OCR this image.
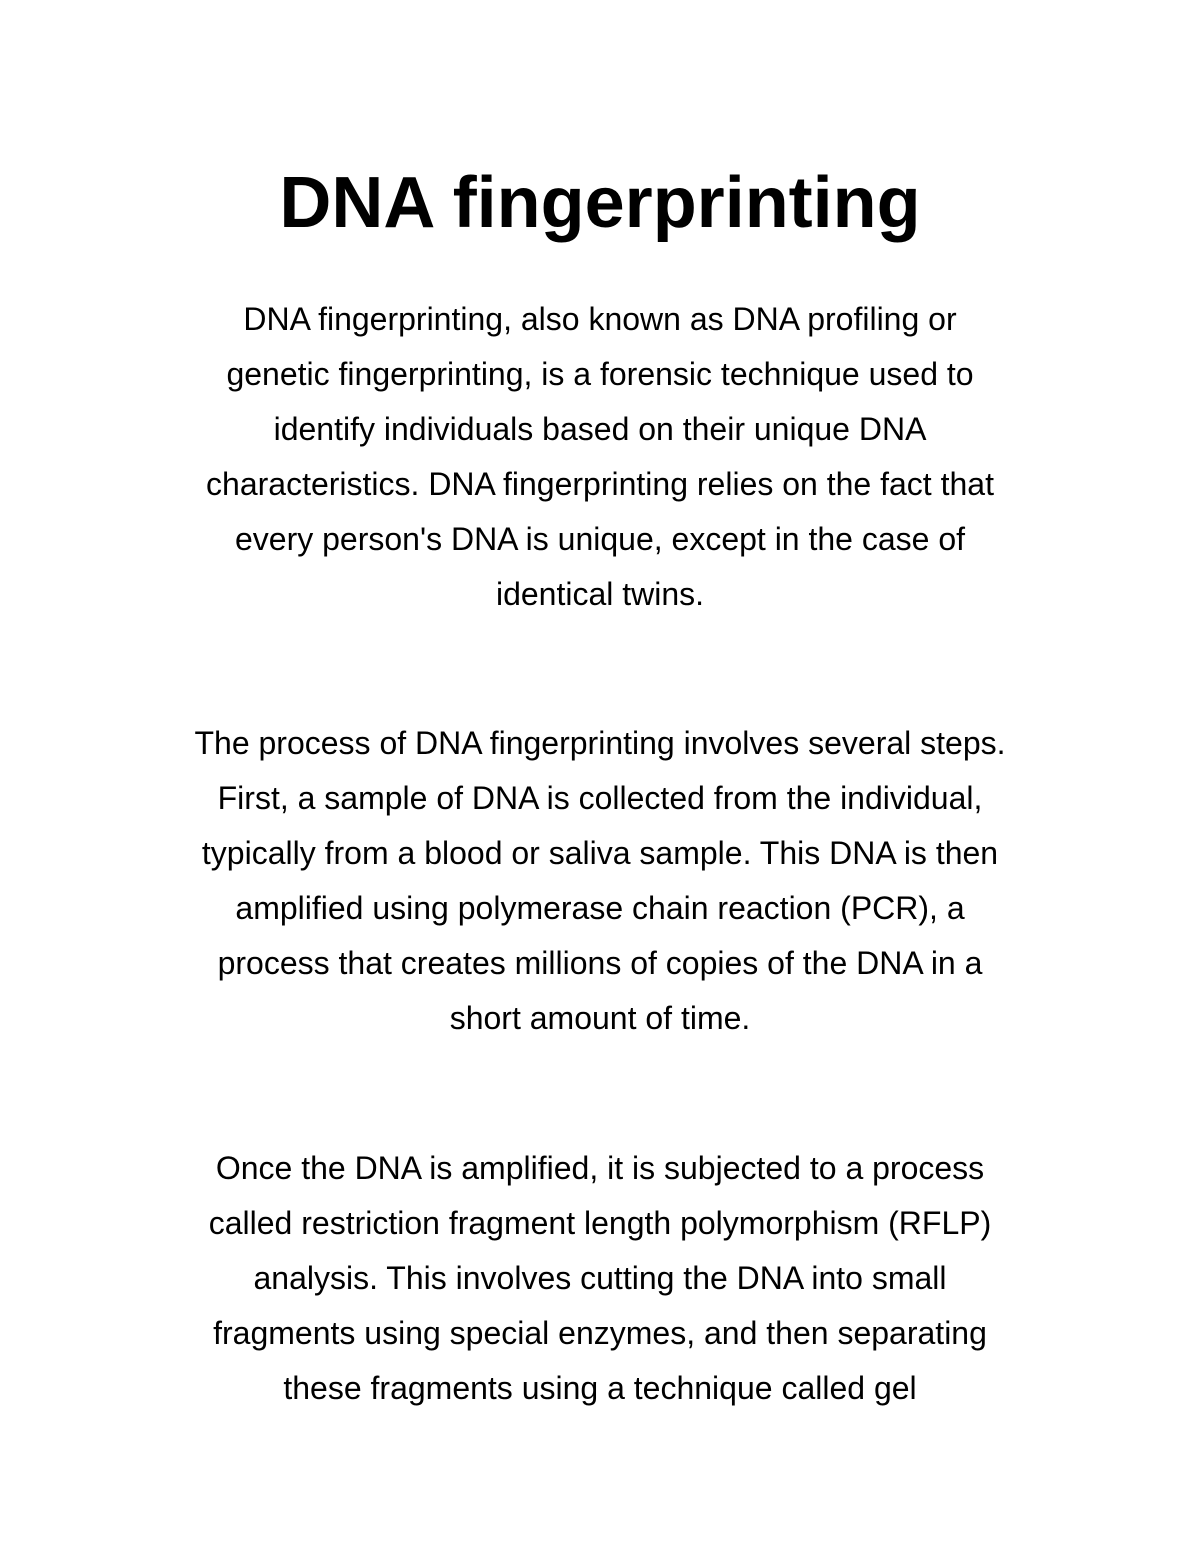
DNA fingerprinting
DNA fingerprinting, also known as DNA profiling or
genetic fingerprinting, is a forensic technique used to
identify individuals based on their unique DNA
characteristics. DNA fingerprinting relies on the fact that
every person's DNA is unique, except in the case of
identical twins.
The process of DNA fingerprinting involves several steps.
First, a sample of DNA is collected from the individual,
typically from a blood or saliva sample. This DNA is then
amplified using polymerase chain reaction (PCR), a
process that creates millions of copies of the DNA in a
short amount of time.
Once the DNA is amplified, it is subjected to a process
called restriction fragment length polymorphism (RFLP)
analysis. This involves cutting the DNA into small
fragments using special enzymes, and then separating
these fragments using a technique called gel
